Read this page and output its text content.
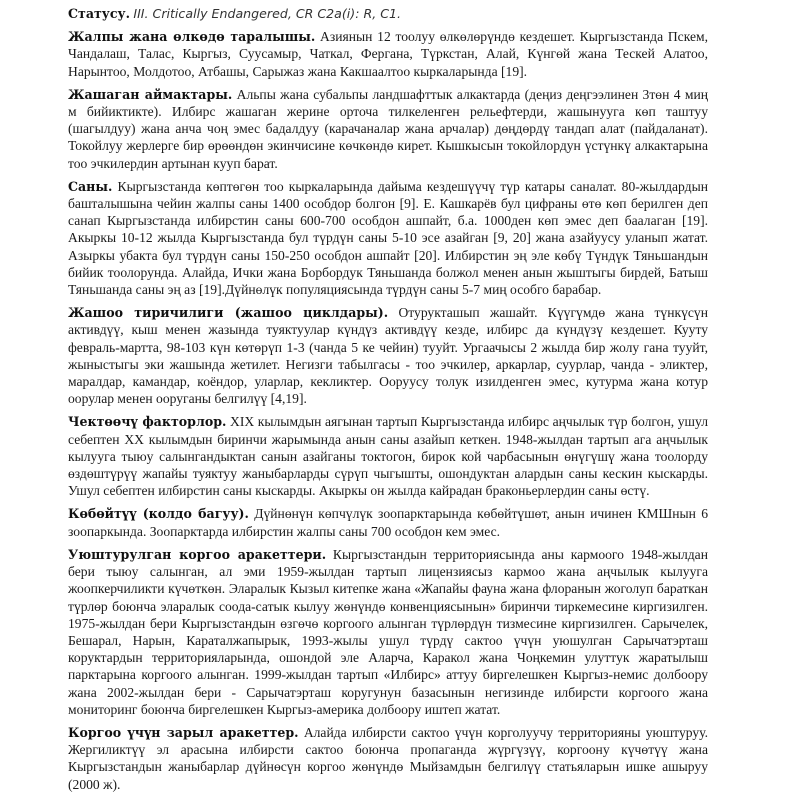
Статусу. III. Critically Endangered, CR C2a(i): R, C1.

Жалпы жана өлкөдө таралышы. Азиянын 12 тоолуу өлкөлөрүндө кездешет. Кыргызстанда Пскем, Чандалаш, Талас, Кыргыз, Суусамыр, Чаткал, Фергана, Түркстан, Алай, Күнгөй жана Тескей Алатоо, Нарынтоо, Молдотоо, Атбашы, Сарыжаз жана Какшаалтоо кыркаларында [19].

Жашаган аймактары. Альпы жана субальпы ландшафттык алкактарда (деңиз деңгээлинен 3төн 4 миң м бийиктикте). Илбирс жашаган жерине орточа тилкеленген рельефтерди, жашынууга көп таштуу (шагылдуу) жана анча чоң эмес бадалдуу (карачаналар жана арчалар) дөңдөрдү тандап алат (пайдаланат). Токойлуу жерлерге бир өрөөндөн экинчисине көчкөндө кирет. Кышкысын токойлордун үстүнкү алкактарына тоо эчкилердин артынан кууп барат.

Саны. Кыргызстанда көптөгөн тоо кыркаларында дайыма кездешүүчү түр катары саналат. 80-жылдардын башталышына чейин жалпы саны 1400 особдор болгон [9]. Е. Кашкарёв бул цифраны өтө көп берилген деп санап Кыргызстанда илбирстин саны 600-700 особдон ашпайт, б.а. 1000ден көп эмес деп баалаган [19]. Акыркы 10-12 жылда Кыргызстанда бул түрдүн саны 5-10 эсе азайган [9, 20] жана азайуусу уланып жатат. Азыркы убакта бул түрдүн саны 150-250 особдон ашпайт [20]. Илбирстин эң эле көбү Түндүк Тяньшандын бийик тоолорунда. Алайда, Ички жана Борбордук Тяньшанда болжол менен анын жыштыгы бирдей, Батыш Тяньшанда саны эң аз [19].Дүйнөлүк популяциясында түрдүн саны 5-7 миң особго барабар.

Жашоо тиричилиги (жашоо циклдары). Отурукташып жашайт. Күүгүмдө жана түнкүсүн активдүү, кыш менен жазында туяктуулар күндүз активдүү кезде, илбирс да күндүзү кездешет. Кууту февраль-мартта, 98-103 күн көтөрүп 1-3 (чанда 5 ке чейин) тууйт. Ургаачысы 2 жылда бир жолу гана тууйт, жыныстыгы эки жашында жетилет. Негизги табылгасы - тоо эчкилер, аркарлар, суурлар, чанда - эликтер, маралдар, камандар, коёндор, уларлар, кекликтер. Ооруусу толук изилденген эмес, кутурма жана котур оорулар менен ооруганы белгилүү [4,19].

Чектөөчү факторлор. XIX кылымдын аягынан тартып Кыргызстанда илбирс аңчылык түр болгон, ушул себептен XX кылымдын биринчи жарымында анын саны азайып кеткен. 1948-жылдан тартып ага аңчылык кылууга тыюу салынгандыктан санын азайганы токтогон, бирок кой чарбасынын өнүгүшү жана тоолорду өздөштүрүү жапайы туяктуу жаныбарларды сүрүп чыгышты, ошондуктан алардын саны кескин кыскарды. Ушул себептен илбирстин саны кыскарды. Акыркы он жылда кайрадан браконьерлердин саны өстү.

Көбөйтүү (колдо багуу). Дүйнөнүн көпчүлүк зоопарктарында көбөйтүшөт, анын ичинен КМШнын 6 зоопаркында. Зоопарктарда илбирстин жалпы саны 700 особдон кем эмес.

Уюштурулган коргоо аракеттери. Кыргызстандын территориясында аны кармоого 1948-жылдан бери тыюу салынган, ал эми 1959-жылдан тартып лицензиясыз кармоо жана аңчылык кылууга жоопкерчиликти күчөткөн. Эларалык Кызыл китепке жана «Жапайы фауна жана флоранын жоголуп бараткан түрлөр боюнча эларалык соода-сатык кылуу жөнүндө конвенциясынын» биринчи тиркемесине киргизилген. 1975-жылдан бери Кыргызстандын өзгөчө коргоого алынган түрлөрдүн тизмесине киргизилген. Сарычелек, Бешарал, Нарын, Караталжапырык, 1993-жылы ушул түрдү сактоо үчүн уюшулган Сарычатэрташ коруктардын территорияларында, ошондой эле Аларча, Каракол жана Чоңкемин улуттук жаратылыш парктарына коргоого алынган. 1999-жылдан тартып «Илбирс» аттуу биргелешкен Кыргыз-немис долбоору жана 2002-жылдан бери - Сарычатэрташ коругунун базасынын негизинде илбирсти коргоого жана мониторинг боюнча биргелешкен Кыргыз-америка долбоору иштеп жатат.

Коргоо үчүн зарыл аракеттер. Алайда илбирсти сактоо үчүн корголуучу территорияны уюштуруу. Жергиликтүү эл арасына илбирсти сактоо боюнча пропаганда жүргүзүү, коргоону күчөтүү жана Кыргызстандын жаныбарлар дүйнөсүн коргоо жөнүндө Мыйзамдын белгилүү статьяларын ишке ашыруу (2000 ж).
